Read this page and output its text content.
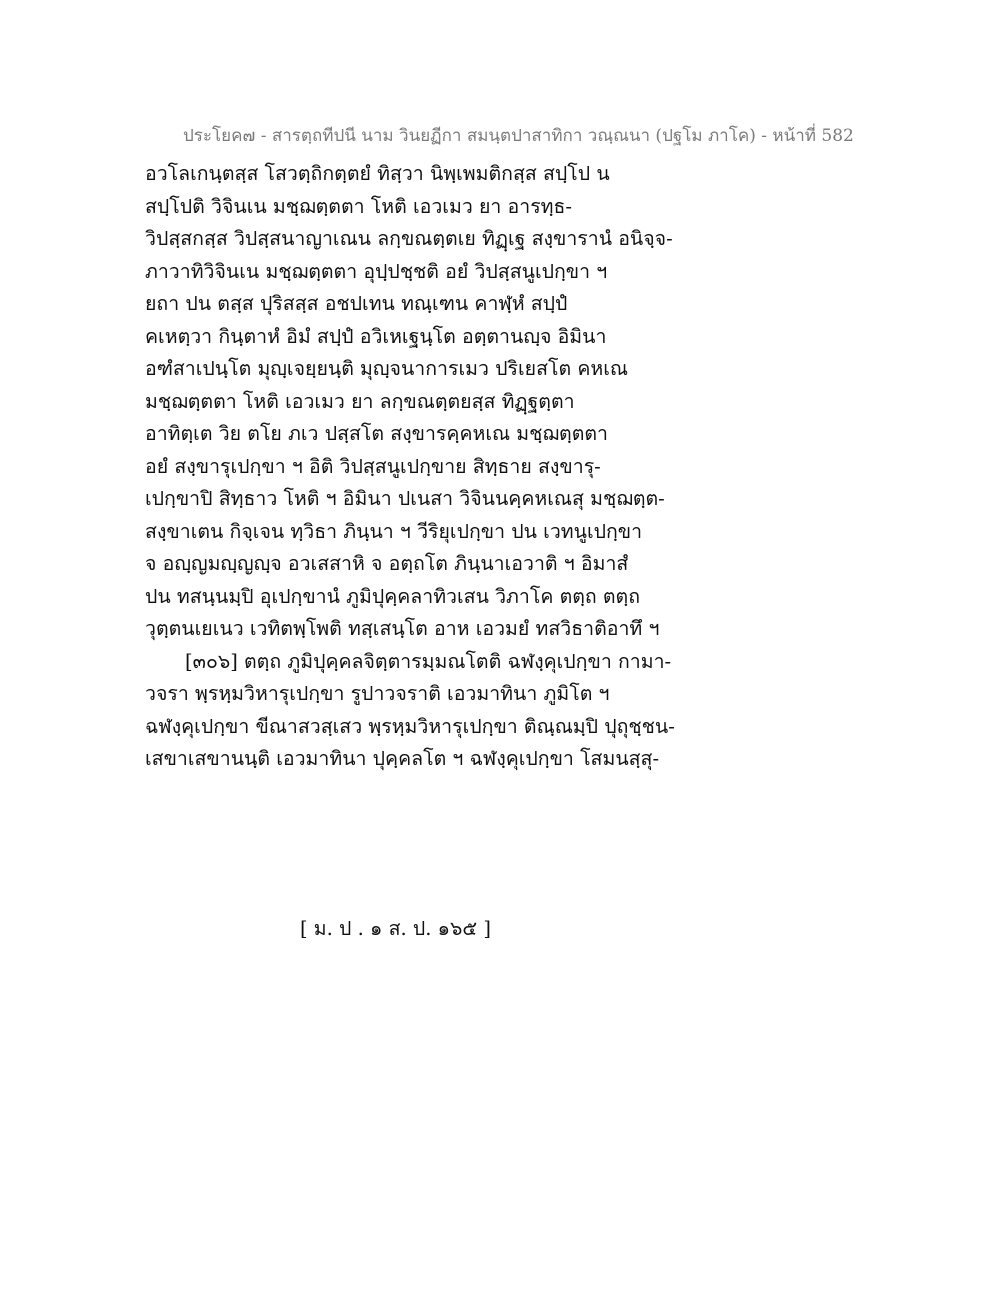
ประโยค๗ - สารตฺถทีปนี นาม วินยฏีกา สมนฺตปาสาทิกา วณฺณนา (ปฐโม ภาโค) - หน้าที่ 582
อวโลเกนฺตสฺส โสวตฺถิกตฺตยํ ทิสฺวา นิพฺเพมติกสฺส สปฺโป น
สปฺโปติ วิจินเน มชฺฌตฺตตา โหติ เอวเมว ยา อารทฺธ-
วิปสฺสกสฺส วิปสฺสนาญาเณน ลกฺขณตฺตเย ทิฏฺเฐ สงฺขารานํ อนิจฺจ-
ภาวาทิวิจินเน มชฺฌตฺตตา อุปฺปชฺชติ อยํ วิปสฺสนูเปกฺขา ฯ
ยถา ปน ตสฺส ปุริสสฺส อชปเทน ทณฺเฑน คาฬฺหํ สปฺปํ
คเหตฺวา กินฺตาหํ อิมํ สปฺปํ อวิเหเฐนฺโต อตฺตานญฺจ อิมินา
อฑํสาเปนฺโต มุญฺเจยฺยนฺติ มุญฺจนาการเมว ปริเยสโต คหเณ
มชฺฌตฺตตา โหติ เอวเมว ยา ลกฺขณตฺตยสฺส ทิฏฺฐตฺตา
อาทิตฺเต วิย ตโย ภเว ปสฺสโต สงฺขารคฺคหเณ มชฺฌตฺตตา
อยํ สงฺขารุเปกฺขา ฯ อิติ วิปสฺสนูเปกฺขาย สิทฺธาย สงฺขารุ-
เปกฺขาปิ สิทฺธาว โหติ ฯ อิมินา ปเนสา วิจินนคฺคหเณสุ มชฺฌตฺต-
สงฺขาเตน กิจฺเจน ทฺวิธา ภินฺนา ฯ วีริยุเปกฺขา ปน เวทนูเปกฺขา
จ อญฺญมญฺญญฺจ อวเสสาหิ จ อตฺถโต ภินฺนาเอวาติ ฯ อิมาสํ
ปน ทสนฺนมฺปิ อุเปกฺขานํ ภูมิปุคฺคลาทิวเสน วิภาโค ตตฺถ ตตฺถ
วุตฺตนเยเนว เวทิตพฺโพติ ทสฺเสนฺโต อาห เอวมยํ ทสวิธาติอาทึ ฯ
[๓๐๖] ตตฺถ ภูมิปุคฺคลจิตฺตารมฺมณโตติ ฉฬงฺคุเปกฺขา กามา-
วจรา พฺรหฺมวิหารุเปกฺขา รูปาวจราติ เอวมาทินา ภูมิโต ฯ
ฉฬงฺคุเปกฺขา ขีณาสวสฺเสว พฺรหฺมวิหารุเปกฺขา ติณฺณมฺปิ ปุถุชฺชน-
เสขาเสขานนฺติ เอวมาทินา ปุคฺคลโต ฯ ฉฬงฺคุเปกฺขา โสมนสฺสุ-
[ ม. ป . ๑ ส. ป. ๑๖๕ ]
